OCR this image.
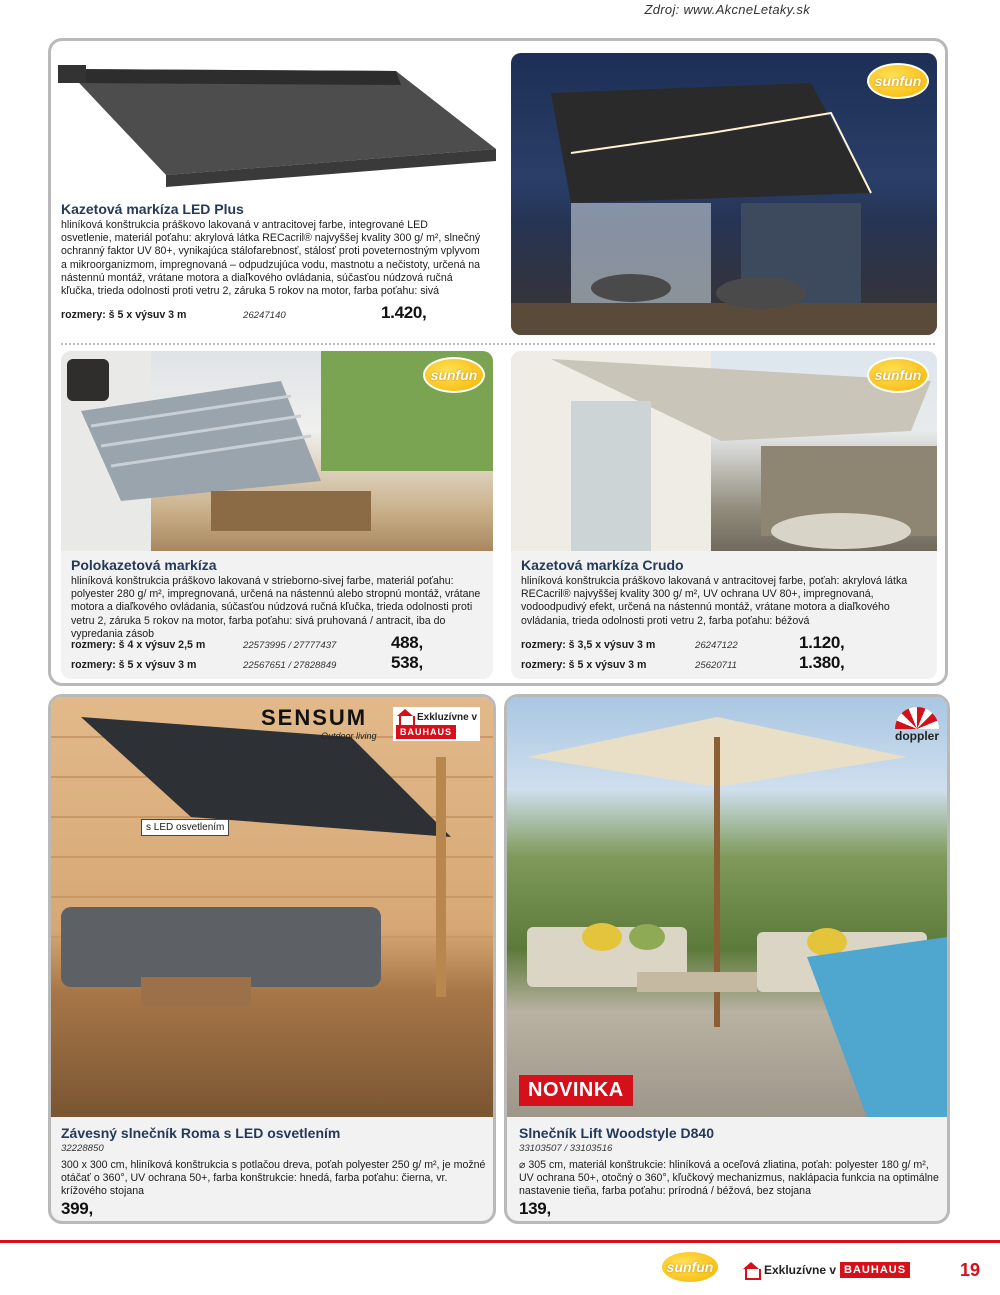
Zdroj: www.AkcneLetaky.sk
sunfun
Kazetová markíza LED Plus
hliníková konštrukcia práškovo lakovaná v antracitovej farbe, integrované LED osvetlenie, materiál poťahu: akrylová látka RECacril® najvyššej kvality 300 g/ m², slnečný ochranný faktor UV 80+, vynikajúca stálofarebnosť, stálosť proti poveternostným vplyvom a mikroorganizmom, impregnovaná – odpudzujúca vodu, mastnotu a nečistoty, určená na nástennú montáž, vrátane motora a diaľkového ovládania, súčasťou núdzová ručná kľučka, trieda odolnosti proti vetru 2, záruka 5 rokov na motor, farba poťahu: sivá
rozmery: š 5 x výsuv 3 m	26247140	1.420,
sunfun
Polokazetová markíza
hliníková konštrukcia práškovo lakovaná v strieborno-sivej farbe, materiál poťahu: polyester 280 g/ m², impregnovaná, určená na nástennú alebo stropnú montáž, vrátane motora a diaľkového ovládania, súčasťou núdzová ručná kľučka, trieda odolnosti proti vetru 2, záruka 5 rokov na motor, farba poťahu: sivá pruhovaná / antracit, iba do vypredania zásob
rozmery: š 4 x výsuv 2,5 m	22573995 / 27777437	488,
rozmery: š 5 x výsuv 3 m	22567651 / 27828849	538,
sunfun
Kazetová markíza Crudo
hliníková konštrukcia práškovo lakovaná v antracitovej farbe, poťah: akrylová látka RECacril® najvyššej kvality 300 g/ m², UV ochrana UV 80+, impregnovaná, vodoodpudivý efekt, určená na nástennú montáž, vrátane motora a diaľkového ovládania, trieda odolnosti proti vetru 2, farba poťahu: béžová
rozmery: š 3,5 x výsuv 3 m	26247122	1.120,
rozmery: š 5 x výsuv 3 m	25620711	1.380,
SENSUM
Outdoor living
Exkluzívne v
BAUHAUS
s LED osvetlením
Závesný slnečník Roma s LED osvetlením
32228850
300 x 300 cm, hliníková konštrukcia s potlačou dreva, poťah polyester 250 g/ m², je možné otáčať o 360°, UV ochrana 50+, farba konštrukcie: hnedá, farba poťahu: čierna, vr. krížového stojana
399,
doppler
NOVINKA
Slnečník Lift Woodstyle D840
33103507 / 33103516
⌀ 305 cm, materiál konštrukcie: hliníková a oceľová zliatina, poťah: polyester 180 g/ m², UV ochrana 50+, otočný o 360°, kľučkový mechanizmus, naklápacia funkcia na optimálne nastavenie tieňa, farba poťahu: prírodná / béžová, bez stojana
139,
sunfun	Exkluzívne v BAUHAUS	19
